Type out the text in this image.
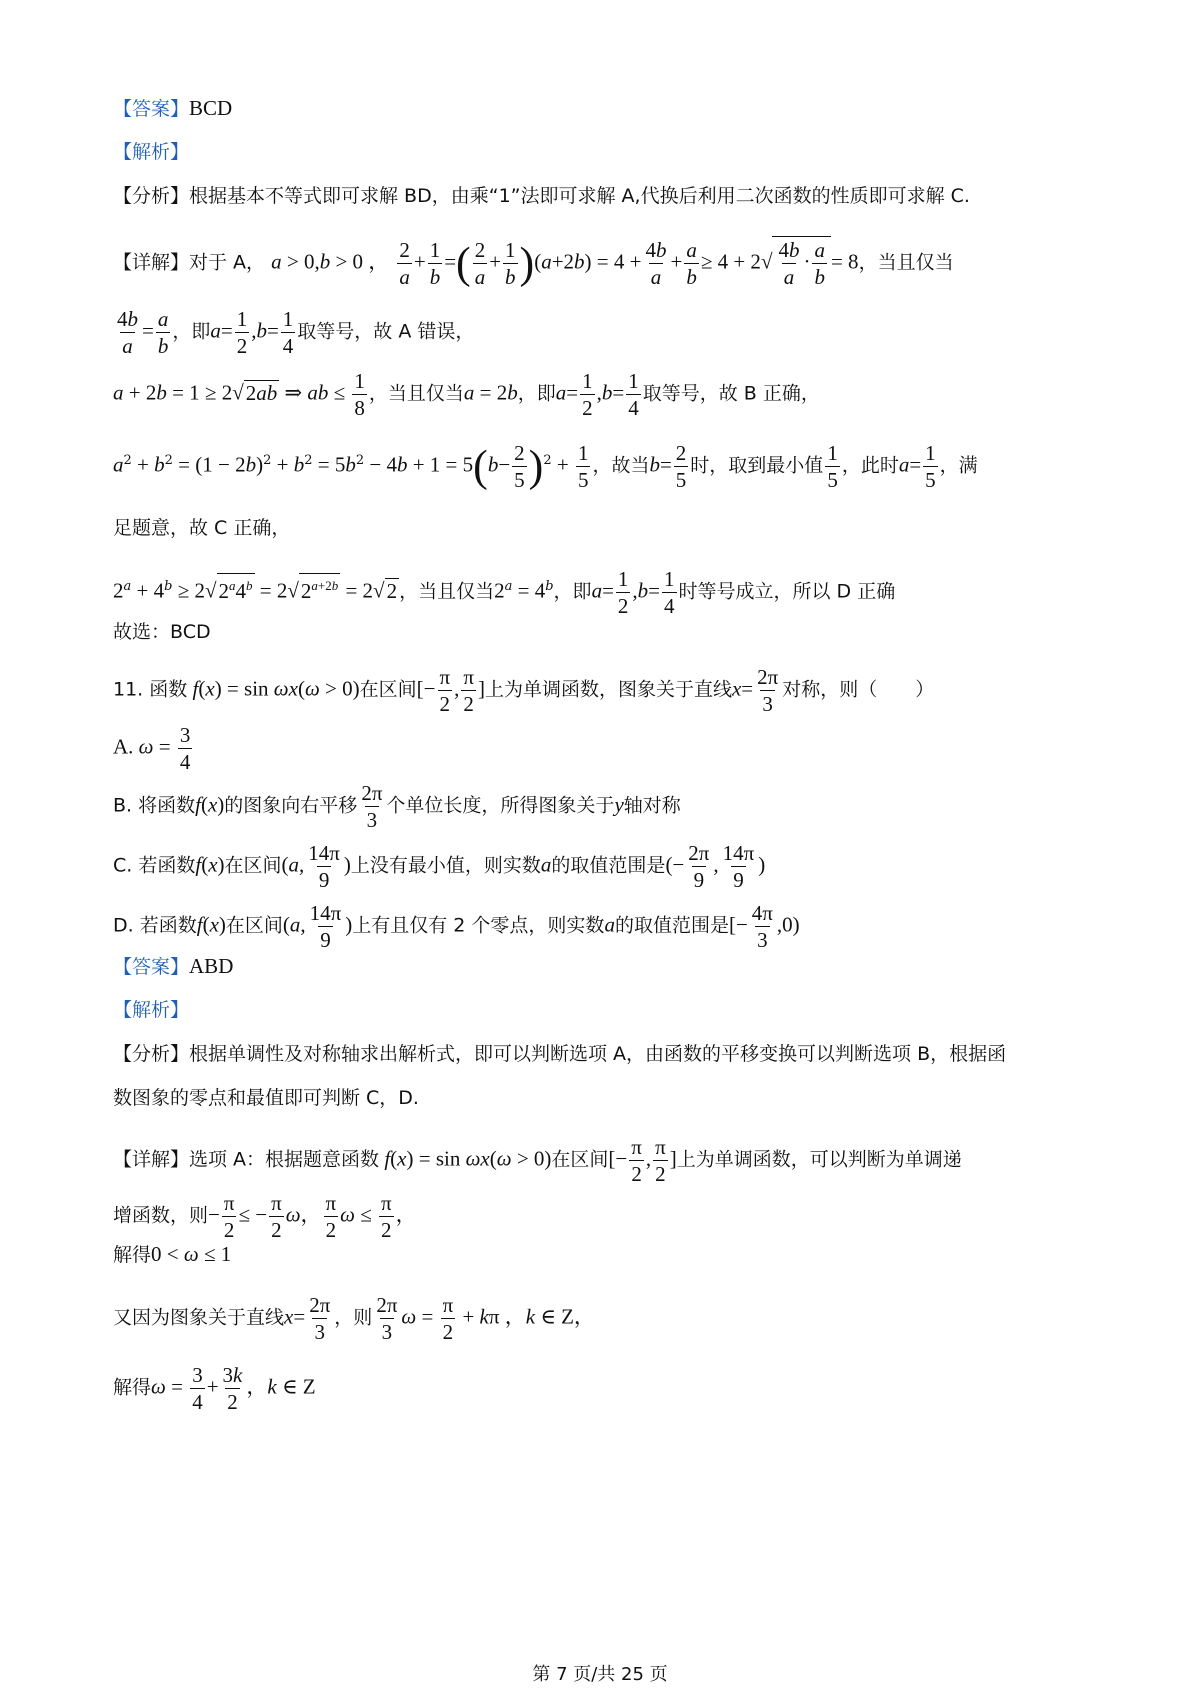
【答案】BCD
【解析】
【分析】根据基本不等式即可求解 BD，由乘“1”法即可求解 A,代换后利用二次函数的性质即可求解 C.
【详解】对于 A， a > 0,b > 0 ， $\frac{2}{a} + \frac{1}{b}$ =( $\frac{2}{a} + \frac{1}{b} )(a+2b) = 4 + \frac{4b}{a} + \frac{a}{b} \ge 4 + 2√ \frac{4b}{a} \cdot \frac{a}{b} = 8$，当且仅当
$\frac{4b}{a} = \frac{a}{b}$ ，即$a= \frac{1}{2} ,b= \frac{1}{4}$ 取等号，故 A 错误，
a + 2b = 1 ≥ 2√2ab ⇒ ab ≤ $\frac{1}{8}$ ，当且仅当a = 2b，即$a= \frac{1}{2} ,b= \frac{1}{4}$ 取等号，故 B 正确，
$a^2 + b^2 = (1 - 2b)^2 + b^2 = 5b^2 - 4b + 1 = 5(b- \frac{2}{5} )^2 + \frac{1}{5}$ ，故当$b= \frac{2}{5}$ 时，取到最小值 $\frac{1}{5}$ ，此时$a= \frac{1}{5}$ ，满
足题意，故 C 正确，
$2^a + 4^b \ge 2√2^a4^b = 2√2^{a+2b} = 2√2$ ，当且仅当$2^a = 4^b$，即$a= \frac{1}{2} ,b= \frac{1}{4}$ 时等号成立，所以 D 正确
故选：BCD
11. 函数 f(x) = sin ωx(ω > 0)在区间[− $\frac{\pi}{2}$ , $\frac{\pi}{2}$ ]上为单调函数，图象关于直线$x= \frac{2\pi}{3}$ 对称，则（　　）
A. $\omega = \frac{3}{4}$
B. 将函数f(x)的图象向右平移 $\frac{2\pi}{3}$ 个单位长度，所得图象关于y轴对称
C. 若函数f(x)在区间(a, $\frac{14\pi}{9}$ )上没有最小值，则实数a的取值范围是(− $\frac{2\pi}{9}$ , $\frac{14\pi}{9}$ )
D. 若函数f(x)在区间(a, $\frac{14\pi}{9}$ )上有且仅有 2 个零点，则实数a的取值范围是[− $\frac{4\pi}{3} ,0$)
【答案】ABD
【解析】
【分析】根据单调性及对称轴求出解析式，即可以判断选项 A，由函数的平移变换可以判断选项 B，根据函
数图象的零点和最值即可判断 C，D.
【详解】选项 A：根据题意函数 f(x) = sin ωx(ω > 0)在区间[− $\frac{\pi}{2}$ , $\frac{\pi}{2}$ ]上为单调函数，可以判断为单调递
增函数，则− $\frac{\pi}{2}$ ≤ − $\frac{\pi}{2}$ ω， $\frac{\pi}{2}$ $\omega \le \frac{\pi}{2}$ ，
解得0 < ω ≤ 1
又因为图象关于直线$x= \frac{2\pi}{3}$ ，则 $\frac{2\pi}{3}$ $\omega = \frac{\pi}{2} + k\pi$ ，k ∈ Z，
解得$\omega = \frac{3}{4} + \frac{3k}{2}$ ，k ∈ Z
第 7 页/共 25 页
